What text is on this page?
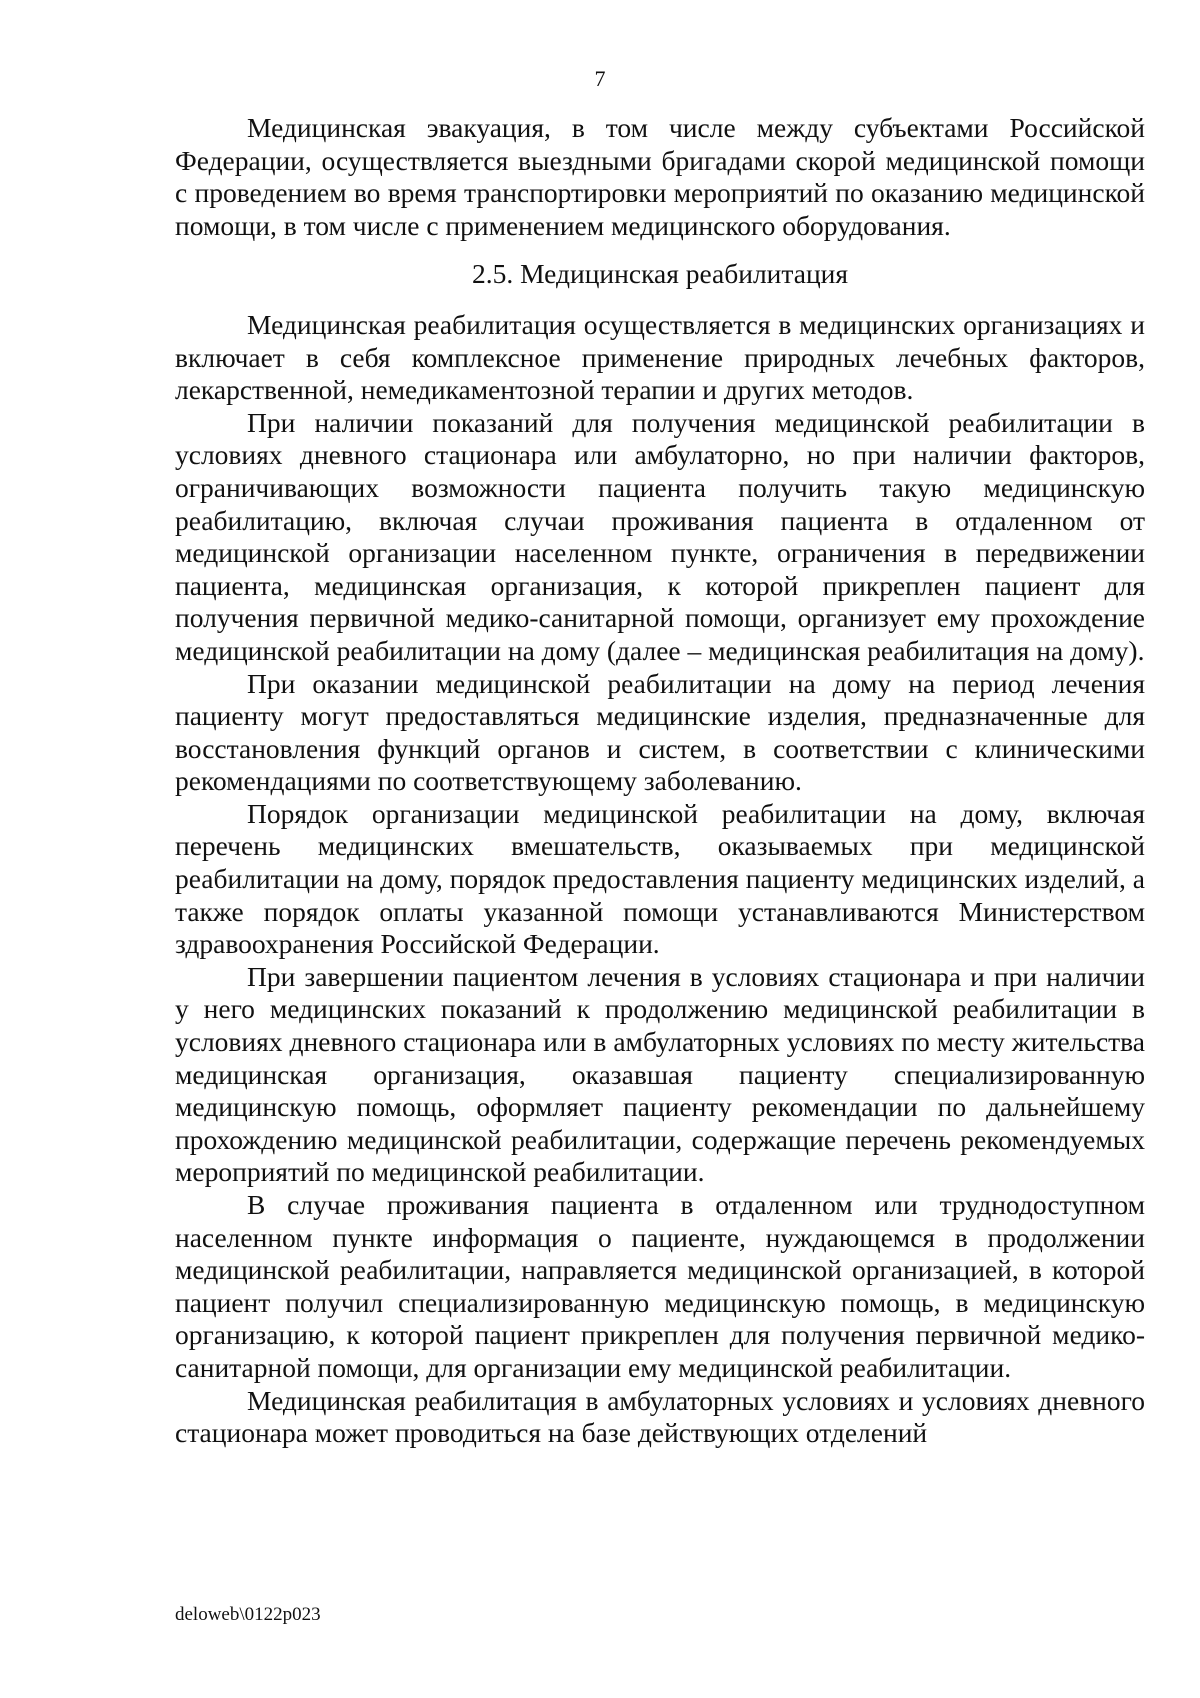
7

Медицинская эвакуация, в том числе между субъектами Российской Федерации, осуществляется выездными бригадами скорой медицинской помощи с проведением во время транспортировки мероприятий по оказанию медицинской помощи, в том числе с применением медицинского оборудования.

2.5. Медицинская реабилитация

Медицинская реабилитация осуществляется в медицинских организациях и включает в себя комплексное применение природных лечебных факторов, лекарственной, немедикаментозной терапии и других методов.

При наличии показаний для получения медицинской реабилитации в условиях дневного стационара или амбулаторно, но при наличии факторов, ограничивающих возможности пациента получить такую медицинскую реабилитацию, включая случаи проживания пациента в отдаленном от медицинской организации населенном пункте, ограничения в передвижении пациента, медицинская организация, к которой прикреплен пациент для получения первичной медико-санитарной помощи, организует ему прохождение медицинской реабилитации на дому (далее – медицинская реабилитация на дому).

При оказании медицинской реабилитации на дому на период лечения пациенту могут предоставляться медицинские изделия, предназначенные для восстановления функций органов и систем, в соответствии с клиническими рекомендациями по соответствующему заболеванию.

Порядок организации медицинской реабилитации на дому, включая перечень медицинских вмешательств, оказываемых при медицинской реабилитации на дому, порядок предоставления пациенту медицинских изделий, а также порядок оплаты указанной помощи устанавливаются Министерством здравоохранения Российской Федерации.

При завершении пациентом лечения в условиях стационара и при наличии у него медицинских показаний к продолжению медицинской реабилитации в условиях дневного стационара или в амбулаторных условиях по месту жительства медицинская организация, оказавшая пациенту специализированную медицинскую помощь, оформляет пациенту рекомендации по дальнейшему прохождению медицинской реабилитации, содержащие перечень рекомендуемых мероприятий по медицинской реабилитации.

В случае проживания пациента в отдаленном или труднодоступном населенном пункте информация о пациенте, нуждающемся в продолжении медицинской реабилитации, направляется медицинской организацией, в которой пациент получил специализированную медицинскую помощь, в медицинскую организацию, к которой пациент прикреплен для получения первичной медико-санитарной помощи, для организации ему медицинской реабилитации.

Медицинская реабилитация в амбулаторных условиях и условиях дневного стационара может проводиться на базе действующих отделений

deloweb\0122p023
